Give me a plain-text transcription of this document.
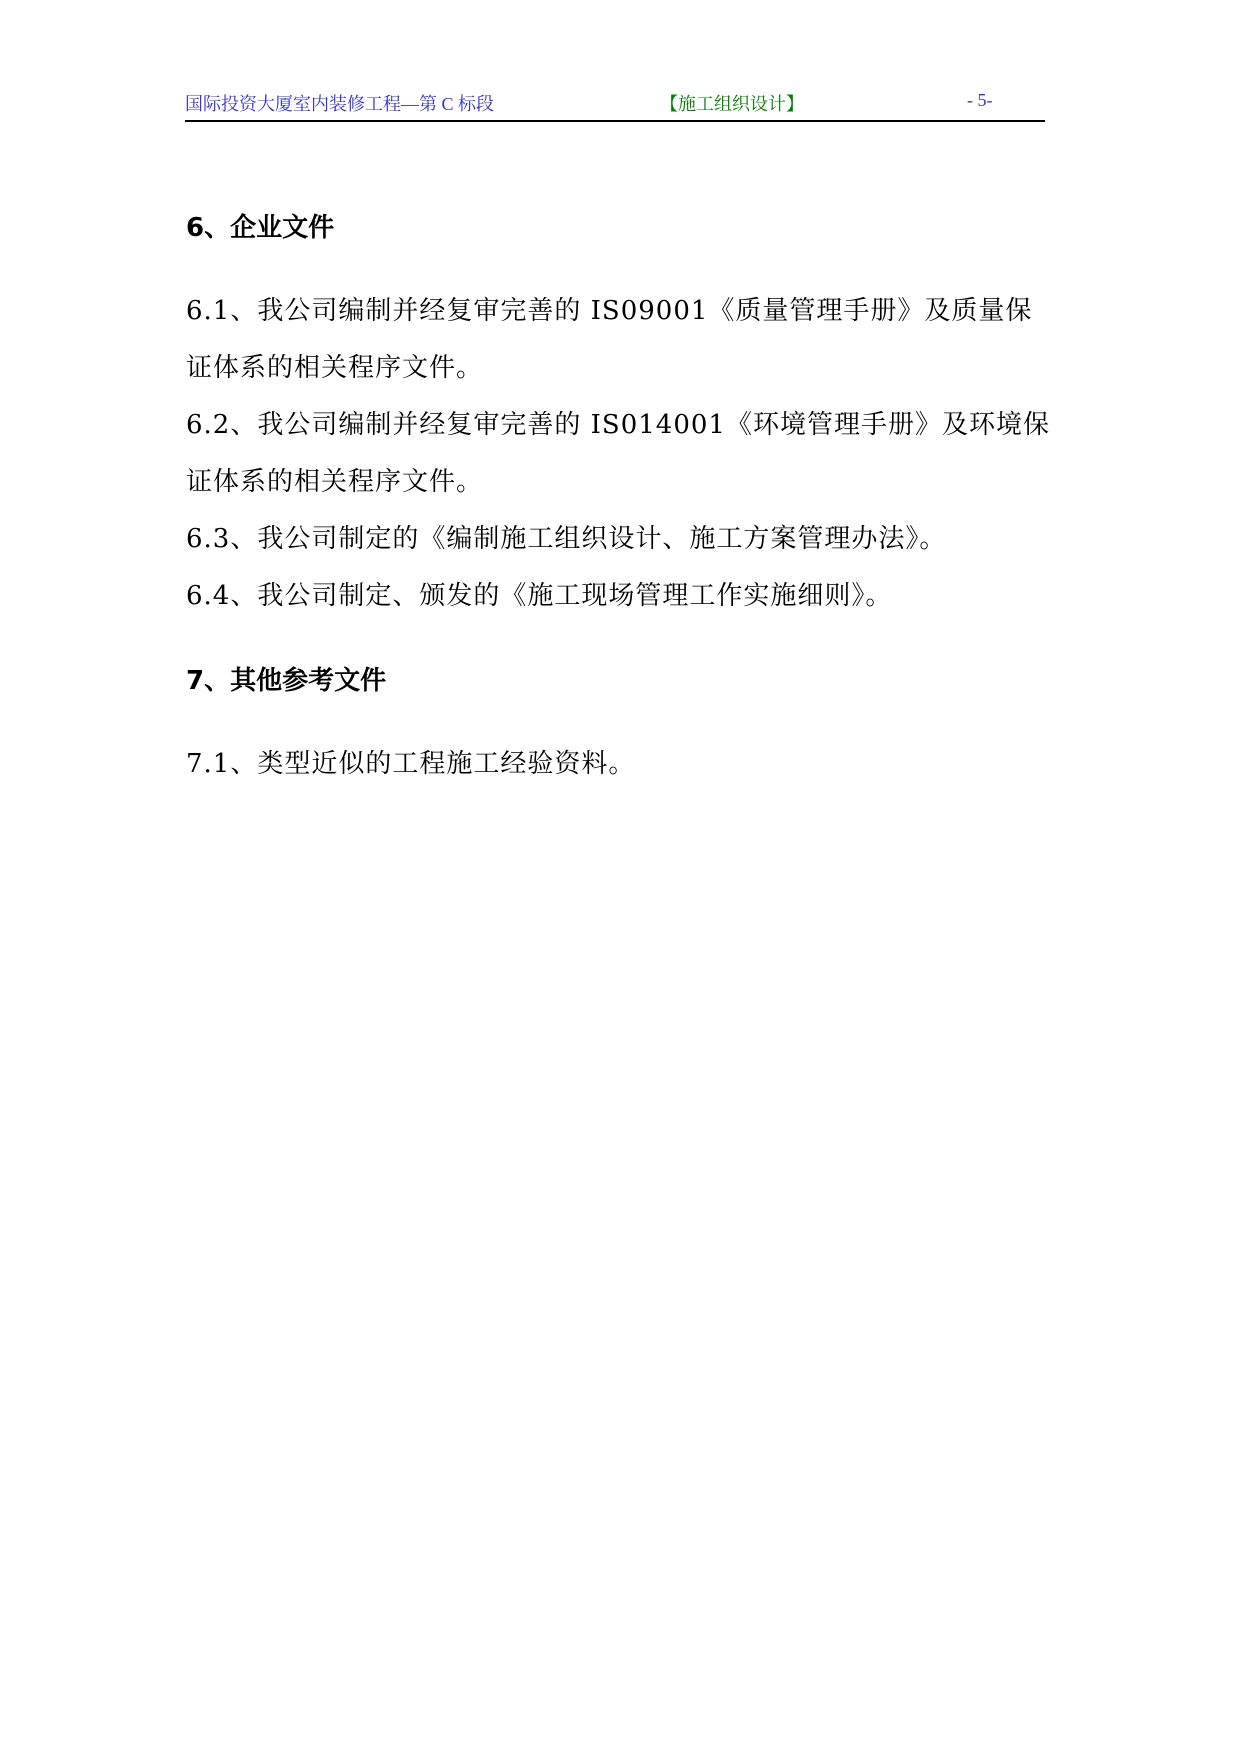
国际投资大厦室内装修工程—第 C 标段	【施工组织设计】	- 5-
6、企业文件
6.1、我公司编制并经复审完善的 IS09001《质量管理手册》及质量保
证体系的相关程序文件。
6.2、我公司编制并经复审完善的 IS014001《环境管理手册》及环境保
证体系的相关程序文件。
6.3、我公司制定的《编制施工组织设计、施工方案管理办法》。
6.4、我公司制定、颁发的《施工现场管理工作实施细则》。
7、其他参考文件
7.1、类型近似的工程施工经验资料。
